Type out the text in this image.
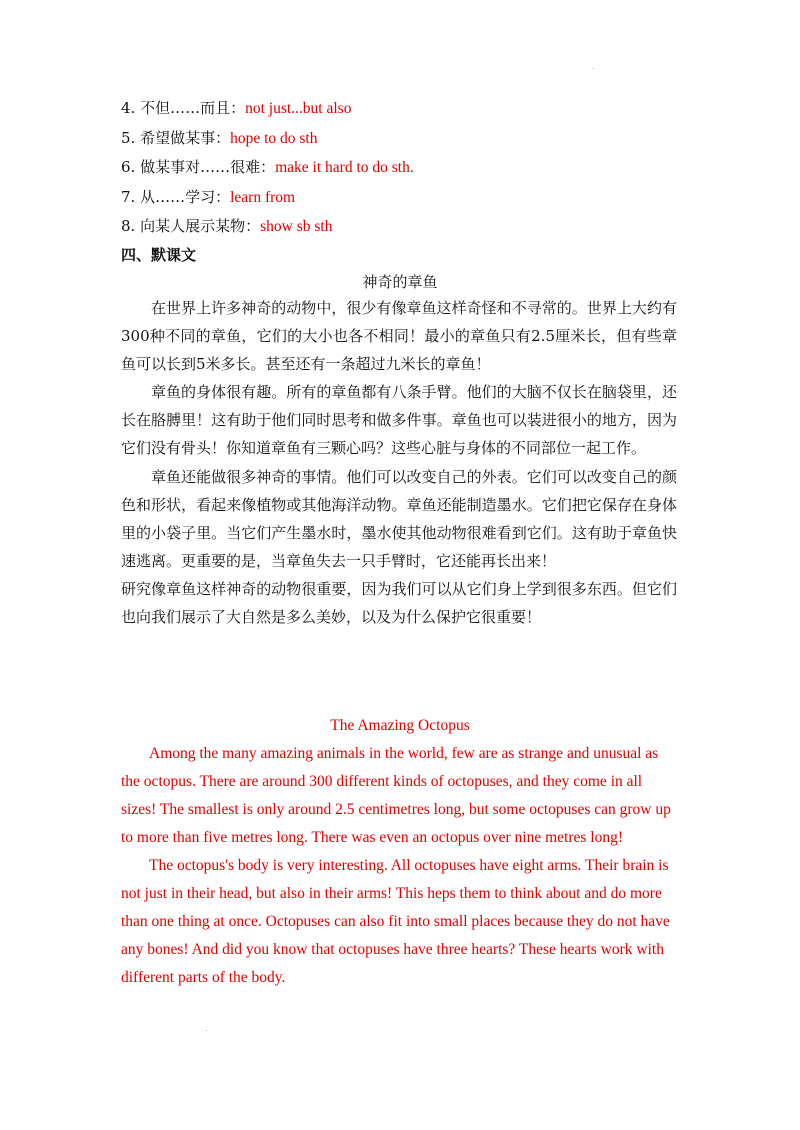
.
4. 不但……而且：not just...but also
5. 希望做某事：hope to do sth
6. 做某事对……很难：make it hard to do sth.
7. 从……学习：learn from
8. 向某人展示某物：show sb sth
四、默课文
神奇的章鱼

在世界上许多神奇的动物中，很少有像章鱼这样奇怪和不寻常的。世界上大约有300种不同的章鱼，它们的大小也各不相同！最小的章鱼只有2.5厘米长，但有些章鱼可以长到5米多长。甚至还有一条超过九米长的章鱼！

章鱼的身体很有趣。所有的章鱼都有八条手臂。他们的大脑不仅长在脑袋里，还长在胳膊里！这有助于他们同时思考和做多件事。章鱼也可以装进很小的地方，因为它们没有骨头！你知道章鱼有三颗心吗？这些心脏与身体的不同部位一起工作。

章鱼还能做很多神奇的事情。他们可以改变自己的外表。它们可以改变自己的颜色和形状，看起来像植物或其他海洋动物。章鱼还能制造墨水。它们把它保存在身体里的小袋子里。当它们产生墨水时，墨水使其他动物很难看到它们。这有助于章鱼快速逃离。更重要的是，当章鱼失去一只手臂时，它还能再长出来！

研究像章鱼这样神奇的动物很重要，因为我们可以从它们身上学到很多东西。但它们也向我们展示了大自然是多么美妙，以及为什么保护它很重要！

The Amazing Octopus

Among the many amazing animals in the world, few are as strange and unusual as the octopus. There are around 300 different kinds of octopuses, and they come in all sizes! The smallest is only around 2.5 centimetres long, but some octopuses can grow up to more than five metres long. There was even an octopus over nine metres long!

The octopus's body is very interesting. All octopuses have eight arms. Their brain is not just in their head, but also in their arms! This heps them to think about and do more than one thing at once. Octopuses can also fit into small places because they do not have any bones! And did you know that octopuses have three hearts? These hearts work with different parts of the body.

.
